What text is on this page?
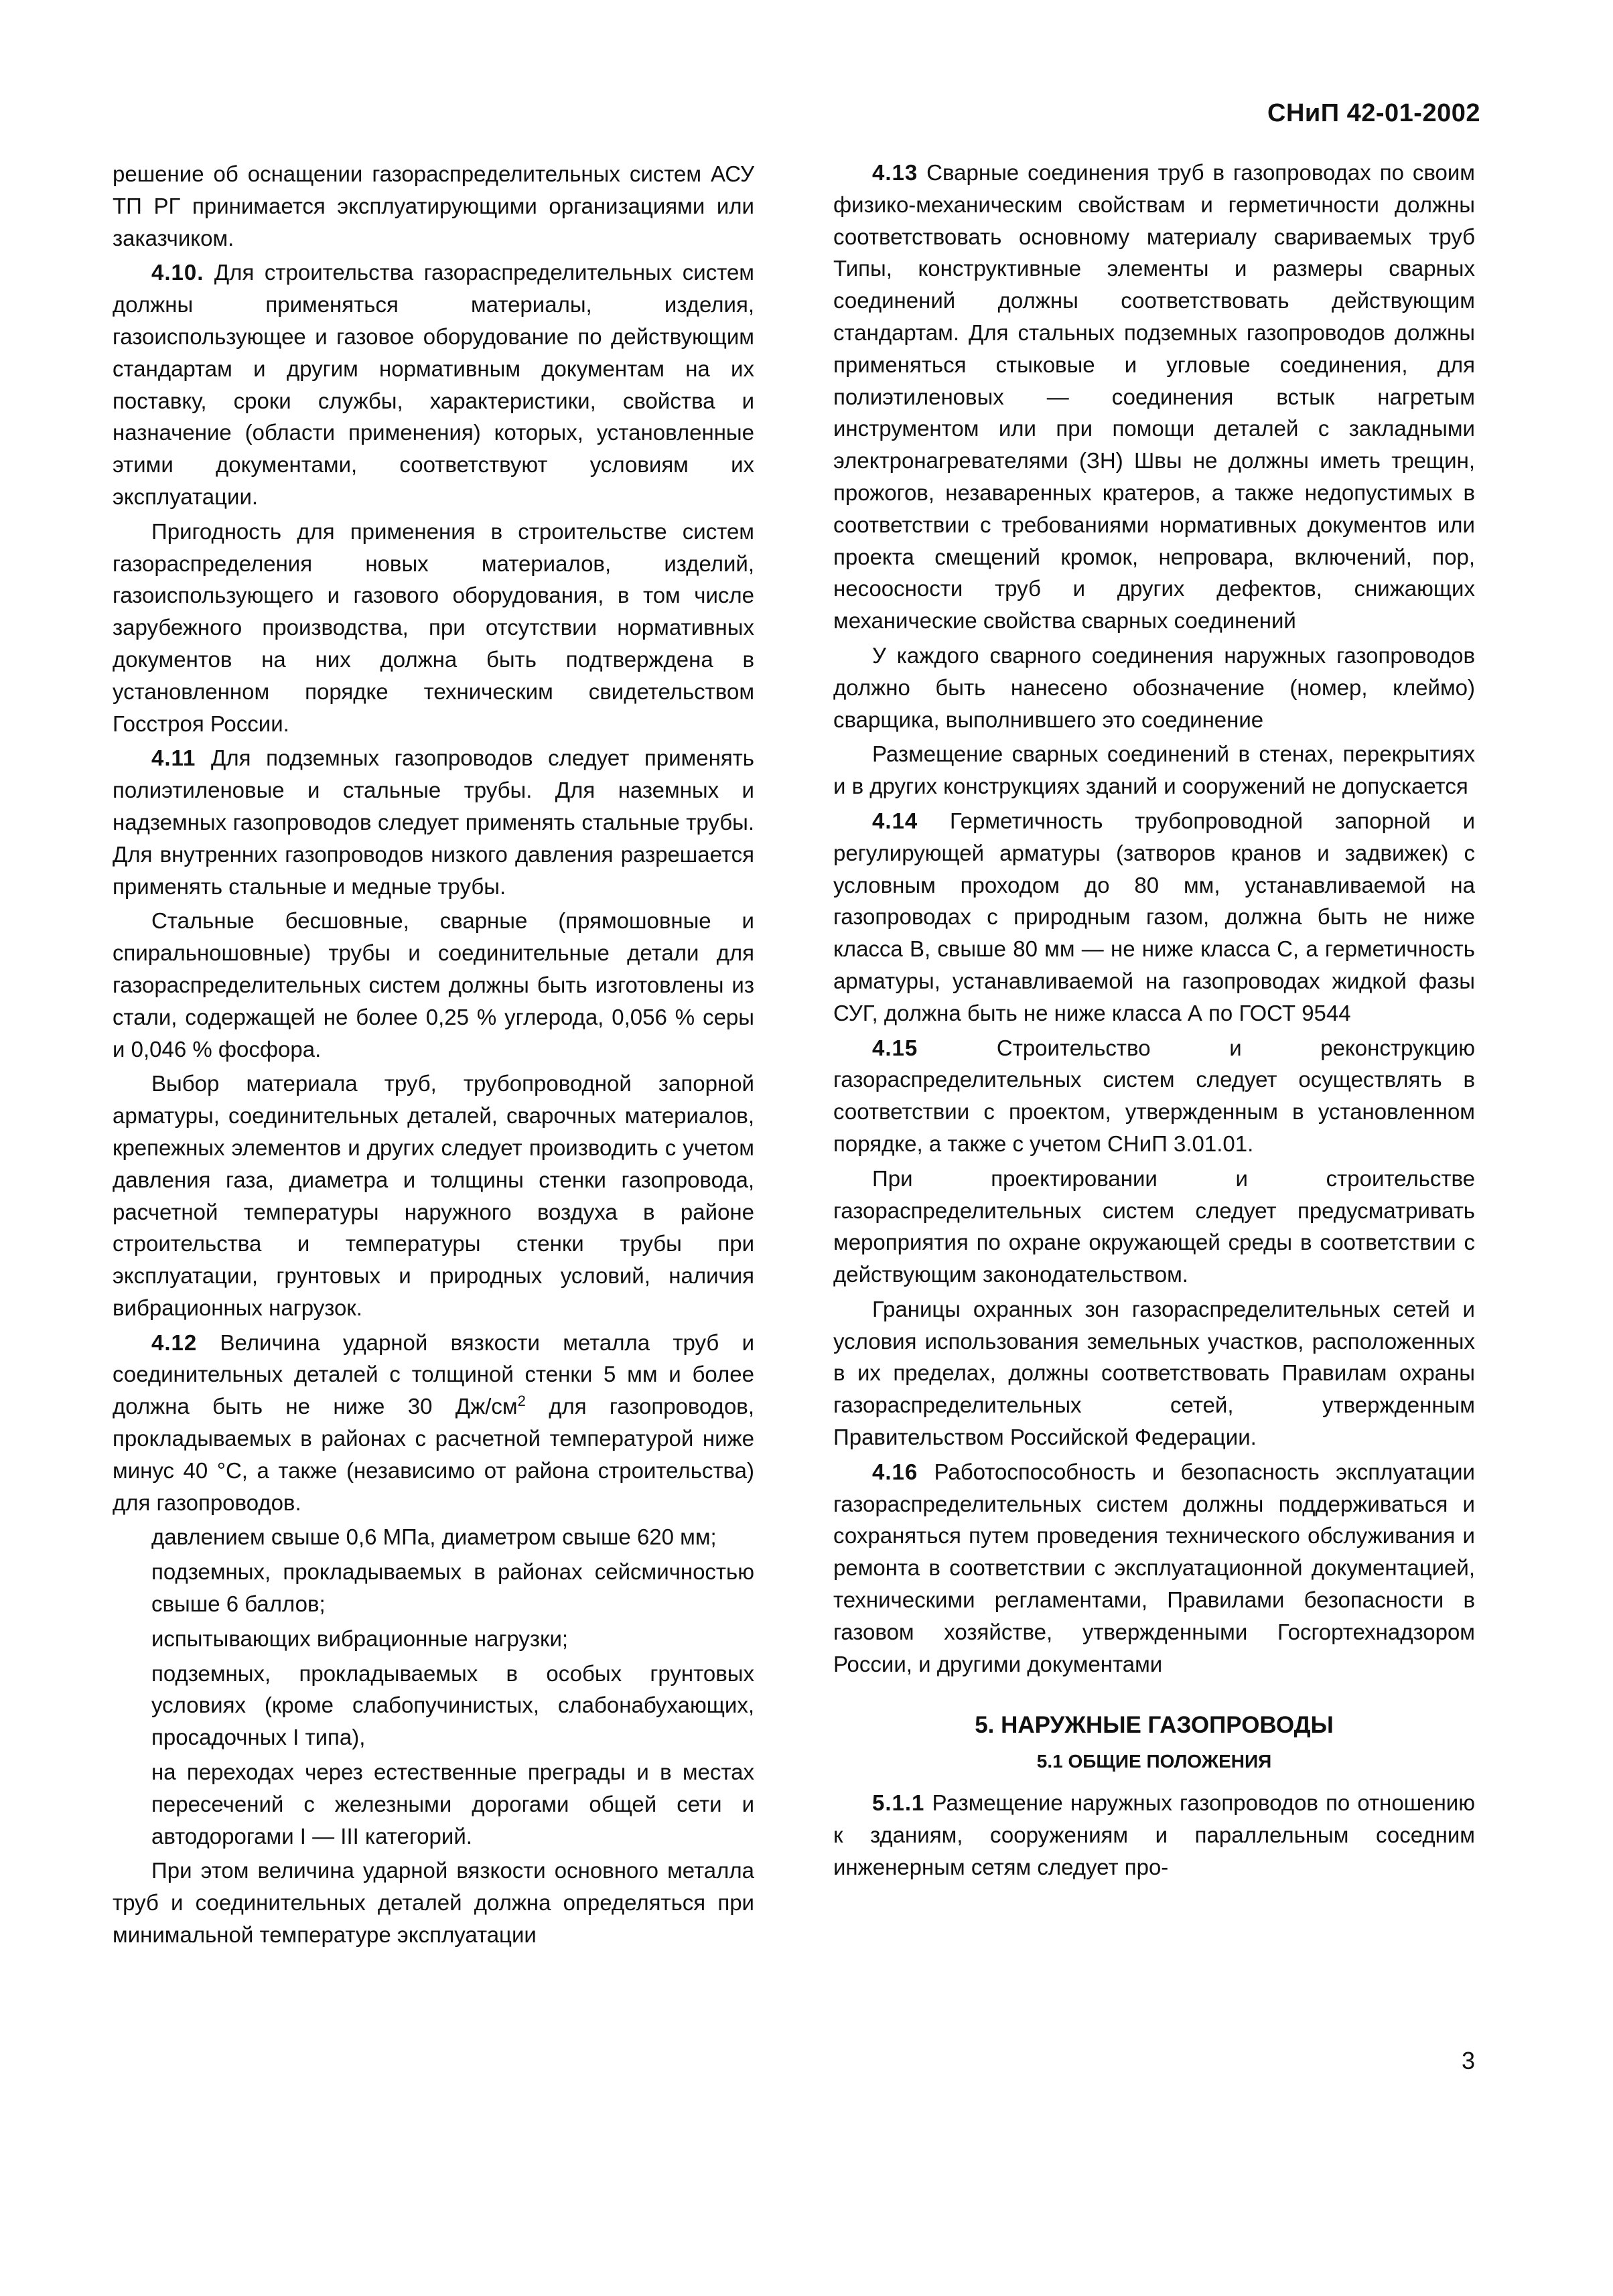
СНиП 42-01-2002

решение об оснащении газораспределительных систем АСУ ТП РГ принимается эксплуатирующими организациями или заказчиком.

4.10. Для строительства газораспределительных систем должны применяться материалы, изделия, газоиспользующее и газовое оборудование по действующим стандартам и другим нормативным документам на их поставку, сроки службы, характеристики, свойства и назначение (области применения) которых, установленные этими документами, соответствуют условиям их эксплуатации.

Пригодность для применения в строительстве систем газораспределения новых материалов, изделий, газоиспользующего и газового оборудования, в том числе зарубежного производства, при отсутствии нормативных документов на них должна быть подтверждена в установленном порядке техническим свидетельством Госстроя России.

4.11 Для подземных газопроводов следует применять полиэтиленовые и стальные трубы. Для наземных и надземных газопроводов следует применять стальные трубы. Для внутренних газопроводов низкого давления разрешается применять стальные и медные трубы.

Стальные бесшовные, сварные (прямошовные и спиральношовные) трубы и соединительные детали для газораспределительных систем должны быть изготовлены из стали, содержащей не более 0,25 % углерода, 0,056 % серы и 0,046 % фосфора.

Выбор материала труб, трубопроводной запорной арматуры, соединительных деталей, сварочных материалов, крепежных элементов и других следует производить с учетом давления газа, диаметра и толщины стенки газопровода, расчетной температуры наружного воздуха в районе строительства и температуры стенки трубы при эксплуатации, грунтовых и природных условий, наличия вибрационных нагрузок.

4.12 Величина ударной вязкости металла труб и соединительных деталей с толщиной стенки 5 мм и более должна быть не ниже 30 $Дж/см^2$ для газопроводов, прокладываемых в районах с расчетной температурой ниже минус 40 °С, а также (независимо от района строительства) для газопроводов.

давлением свыше 0,6 МПа, диаметром свыше 620 мм;

подземных, прокладываемых в районах сейсмичностью свыше 6 баллов;

испытывающих вибрационные нагрузки;

подземных, прокладываемых в особых грунтовых условиях (кроме слабопучинистых, слабонабухающих, просадочных I типа),

на переходах через естественные преграды и в местах пересечений с железными дорогами общей сети и автодорогами I — III категорий.

При этом величина ударной вязкости основного металла труб и соединительных деталей должна определяться при минимальной температуре эксплуатации

4.13 Сварные соединения труб в газопроводах по своим физико-механическим свойствам и герметичности должны соответствовать основному материалу свариваемых труб Типы, конструктивные элементы и размеры сварных соединений должны соответствовать действующим стандартам. Для стальных подземных газопроводов должны применяться стыковые и угловые соединения, для полиэтиленовых — соединения встык нагретым инструментом или при помощи деталей с закладными электронагревателями (ЗН) Швы не должны иметь трещин, прожогов, незаваренных кратеров, а также недопустимых в соответствии с требованиями нормативных документов или проекта смещений кромок, непровара, включений, пор, несоосности труб и других дефектов, снижающих механические свойства сварных соединений

У каждого сварного соединения наружных газопроводов должно быть нанесено обозначение (номер, клеймо) сварщика, выполнившего это соединение

Размещение сварных соединений в стенах, перекрытиях и в других конструкциях зданий и сооружений не допускается

4.14 Герметичность трубопроводной запорной и регулирующей арматуры (затворов кранов и задвижек) с условным проходом до 80 мм, устанавливаемой на газопроводах с природным газом, должна быть не ниже класса В, свыше 80 мм — не ниже класса С, а герметичность арматуры, устанавливаемой на газопроводах жидкой фазы СУГ, должна быть не ниже класса А по ГОСТ 9544

4.15 Строительство и реконструкцию газораспределительных систем следует осуществлять в соответствии с проектом, утвержденным в установленном порядке, а также с учетом СНиП 3.01.01.

При проектировании и строительстве газораспределительных систем следует предусматривать мероприятия по охране окружающей среды в соответствии с действующим законодательством.

Границы охранных зон газораспределительных сетей и условия использования земельных участков, расположенных в их пределах, должны соответствовать Правилам охраны газораспределительных сетей, утвержденным Правительством Российской Федерации.

4.16 Работоспособность и безопасность эксплуатации газораспределительных систем должны поддерживаться и сохраняться путем проведения технического обслуживания и ремонта в соответствии с эксплуатационной документацией, техническими регламентами, Правилами безопасности в газовом хозяйстве, утвержденными Госгортехнадзором России, и другими документами

5. НАРУЖНЫЕ ГАЗОПРОВОДЫ
5.1 ОБЩИЕ ПОЛОЖЕНИЯ

5.1.1 Размещение наружных газопроводов по отношению к зданиям, сооружениям и параллельным соседним инженерным сетям следует про-

3
